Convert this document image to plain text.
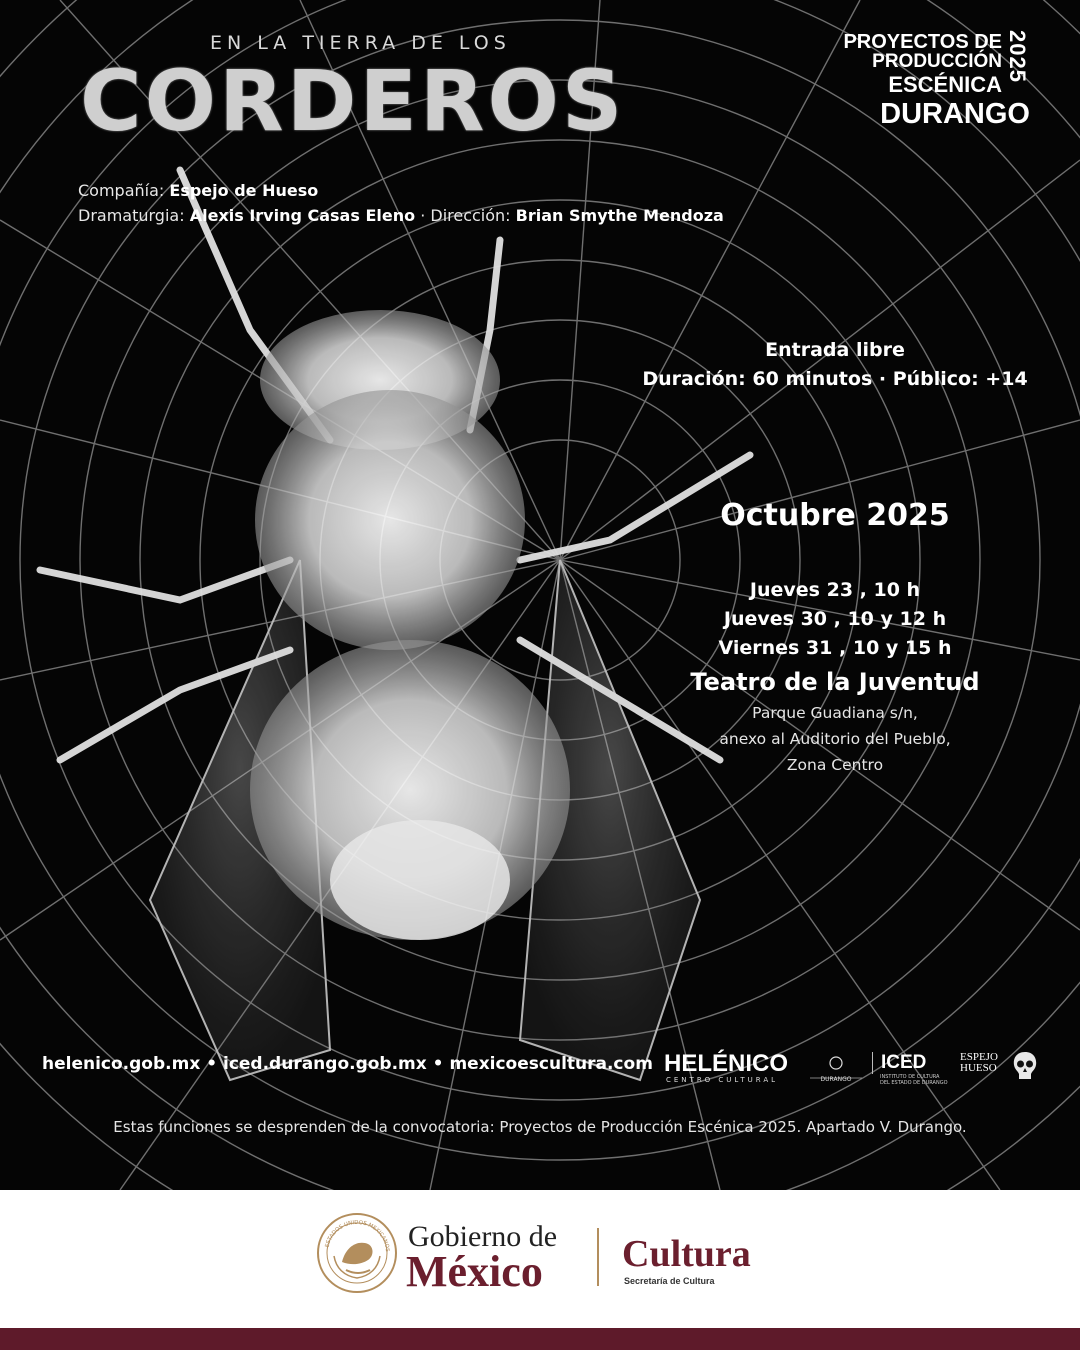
EN LA TIERRA DE LOS
CORDEROS
PROYECTOS DE
PRODUCCIÓN
ESCÉNICA
DURANGO
2025
Compañía: Espejo de Hueso
Dramaturgia: Alexis Irving Casas Eleno · Dirección: Brian Smythe Mendoza
Entrada libre
Duración: 60 minutos · Público: +14
Octubre 2025
Jueves 23 , 10 h
Jueves 30 , 10 y 12 h
Viernes 31 , 10 y 15 h
Teatro de la Juventud
Parque Guadiana s/n,
anexo al Auditorio del Pueblo,
Zona Centro
helenico.gob.mx • iced.durango.gob.mx • mexicoescultura.com HELÉNICO
CENTRO CULTURAL	DURANGO
ICED
INSTITUTO DE CULTURA DEL ESTADO DE DURANGO
ESPEJO
HUESO
Estas funciones se desprenden de la convocatoria: Proyectos de Producción Escénica 2025. Apartado V. Durango.
ESTADOS UNIDOS MEXICANOS Gobierno de
México Cultura
Secretaría de Cultura
